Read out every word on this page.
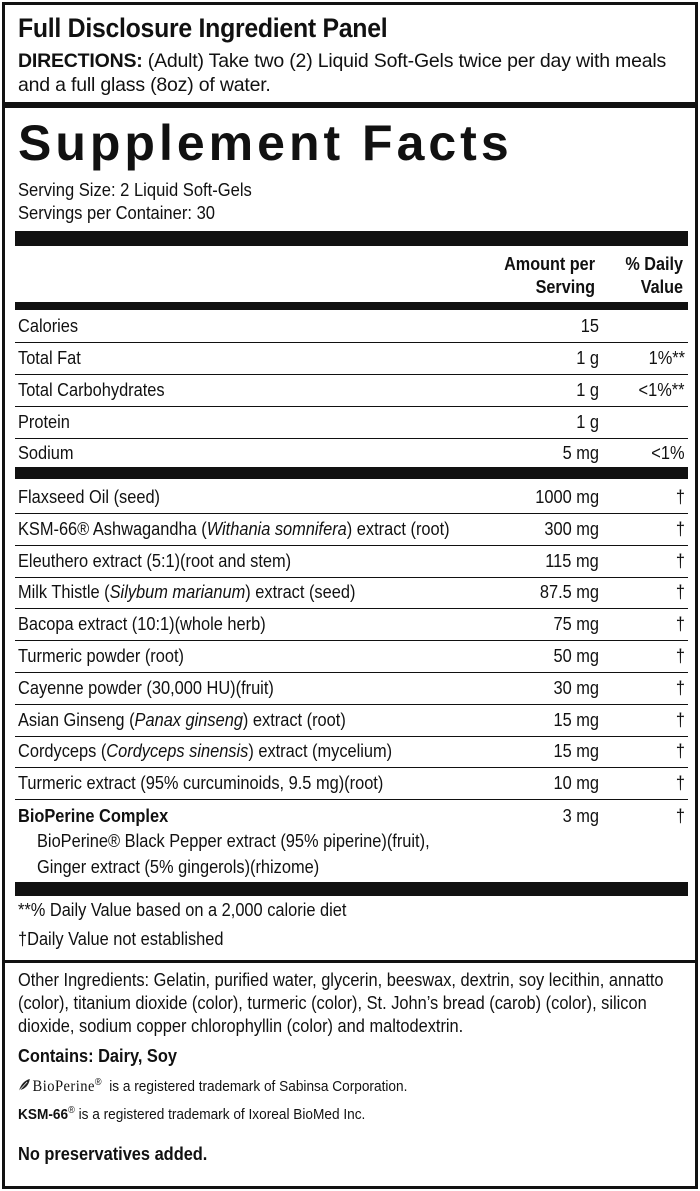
Full Disclosure Ingredient Panel
DIRECTIONS: (Adult) Take two (2) Liquid Soft-Gels twice per day with meals and a full glass (8oz) of water.
Supplement Facts
Serving Size: 2 Liquid Soft-Gels
Servings per Container: 30
Amount per
Serving
% Daily
Value
Calories	15
Total Fat	1 g	1%**
Total Carbohydrates	1 g <1%**
Protein	1 g
Sodium	5 mg	<1%
Flaxseed Oil (seed)	1000 mg	†
KSM-66® Ashwagandha (Withania somnifera) extract (root)	300 mg	†
Eleuthero extract (5:1)(root and stem)	115 mg	†
Milk Thistle (Silybum marianum) extract (seed)	87.5 mg	†
Bacopa extract (10:1)(whole herb)	75 mg	†
Turmeric powder (root)	50 mg	†
Cayenne powder (30,000 HU)(fruit)	30 mg	†
Asian Ginseng (Panax ginseng) extract (root)	15 mg	†
Cordyceps (Cordyceps sinensis) extract (mycelium)	15 mg	†
Turmeric extract (95% curcuminoids, 9.5 mg)(root)	10 mg	†
BioPerine Complex	3 mg	†
BioPerine® Black Pepper extract (95% piperine)(fruit),
Ginger extract (5% gingerols)(rhizome)
**% Daily Value based on a 2,000 calorie diet
†Daily Value not established
Other Ingredients: Gelatin, purified water, glycerin, beeswax, dextrin, soy lecithin, annatto (color), titanium dioxide (color), turmeric (color), St. John’s bread (carob) (color), silicon dioxide, sodium copper chlorophyllin (color) and maltodextrin.
Contains: Dairy, Soy
BioPerine® is a registered trademark of Sabinsa Corporation.
KSM-66® is a registered trademark of Ixoreal BioMed Inc.
No preservatives added.
